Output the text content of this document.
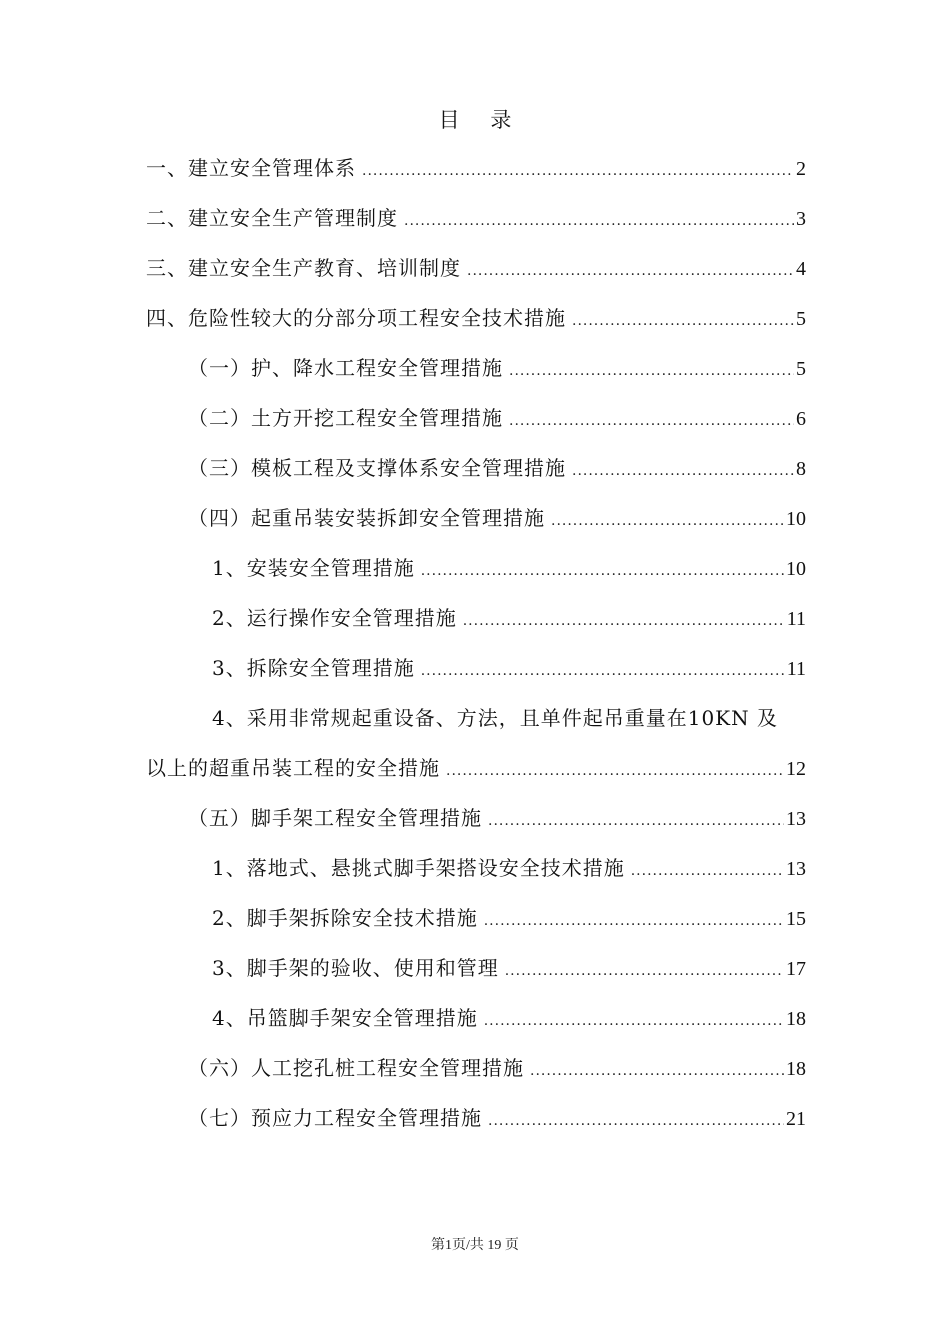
目 录
一、建立安全管理体系 .....	2
二、建立安全生产管理制度 .....	3
三、建立安全生产教育、培训制度 .....	4
四、危险性较大的分部分项工程安全技术措施 .....	5
（一）护、降水工程安全管理措施 .....	5
（二）土方开挖工程安全管理措施 .....	6
（三）模板工程及支撑体系安全管理措施 .....	8
（四）起重吊装安装拆卸安全管理措施 .....	10
1、安装安全管理措施 .....	10
2、运行操作安全管理措施 .....	11
3、拆除安全管理措施 .....	11
4、采用非常规起重设备、方法，且单件起吊重量在10KN 及
以上的超重吊装工程的安全措施 .....	12
（五）脚手架工程安全管理措施 .....	13
1、落地式、悬挑式脚手架搭设安全技术措施 .....	13
2、脚手架拆除安全技术措施 .....	15
3、脚手架的验收、使用和管理 .....	17
4、吊篮脚手架安全管理措施 .....	18
（六）人工挖孔桩工程安全管理措施 .....	18
（七）预应力工程安全管理措施 .....	21
第1页/共 19 页
